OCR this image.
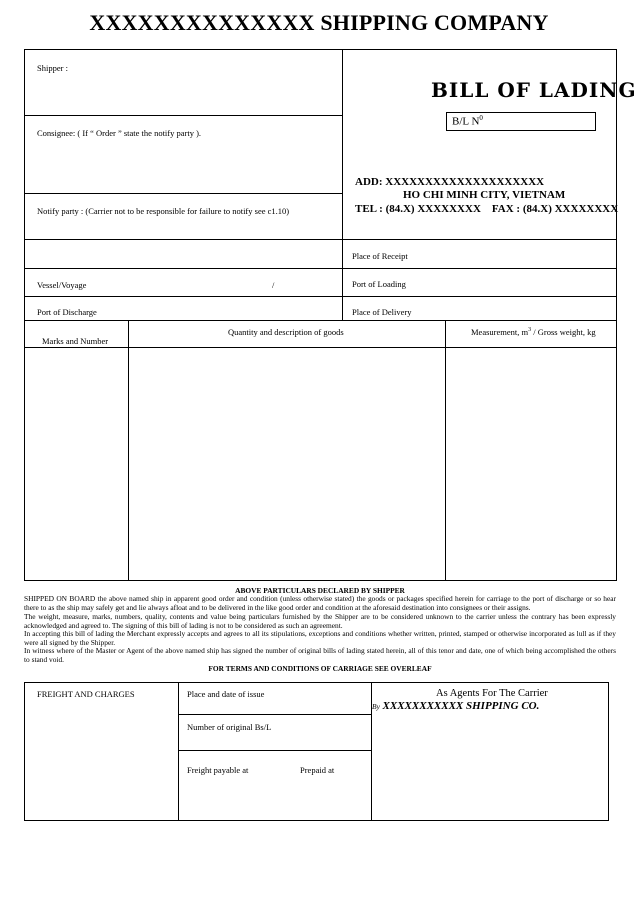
XXXXXXXXXXXXXX SHIPPING COMPANY
Shipper :
Consignee: ( If “ Order ” state the notify party ).
Notify party : (Carrier not to be responsible for failure to notify see c1.10)
Place of Receipt
Vessel/Voyage	/	Port of Loading
Port of Discharge	Place of Delivery
BILL OF LADING
B/L $N^0$
ADD: XXXXXXXXXXXXXXXXXXXX
HO CHI MINH CITY, VIETNAM
TEL : (84.X) XXXXXXXX    FAX : (84.X) XXXXXXXX
Marks and Number
Quantity and description of goods	Measurement, $m^3$ / Gross weight, kg
ABOVE PARTICULARS DECLARED BY SHIPPER
SHIPPED ON BOARD the above named ship in apparent good order and condition (unless otherwise stated) the goods or packages specified herein for carriage to the port of discharge or so hear there to as the ship may safely get and lie always afloat and to be delivered in the like good order and condition at the aforesaid destination into consignees or their assigns.
The weight, measure, marks, numbers, quality, contents and value being particulars furnished by the Shipper are to be considered unknown to the carrier unless the contrary has been expressly acknowledged and agreed to. The signing of this bill of lading is not to be considered as such an agreement.
In accepting this bill of lading the Merchant expressly accepts and agrees to all its stipulations, exceptions and conditions whether written, printed, stamped or otherwise incorporated as lull as if they were all signed by the Shipper.
In witness where of the Master or Agent of the above named ship has signed the number of original bills of lading stated herein, all of this tenor and date, one of which being accomplished the others to stand void.
FOR TERMS AND CONDITIONS OF CARRIAGE SEE OVERLEAF
FREIGHT AND CHARGES	Place and date of issue
Number of original Bs/L
Freight payable at	Prepaid at
As Agents For The Carrier
By XXXXXXXXXXX SHIPPING CO.
